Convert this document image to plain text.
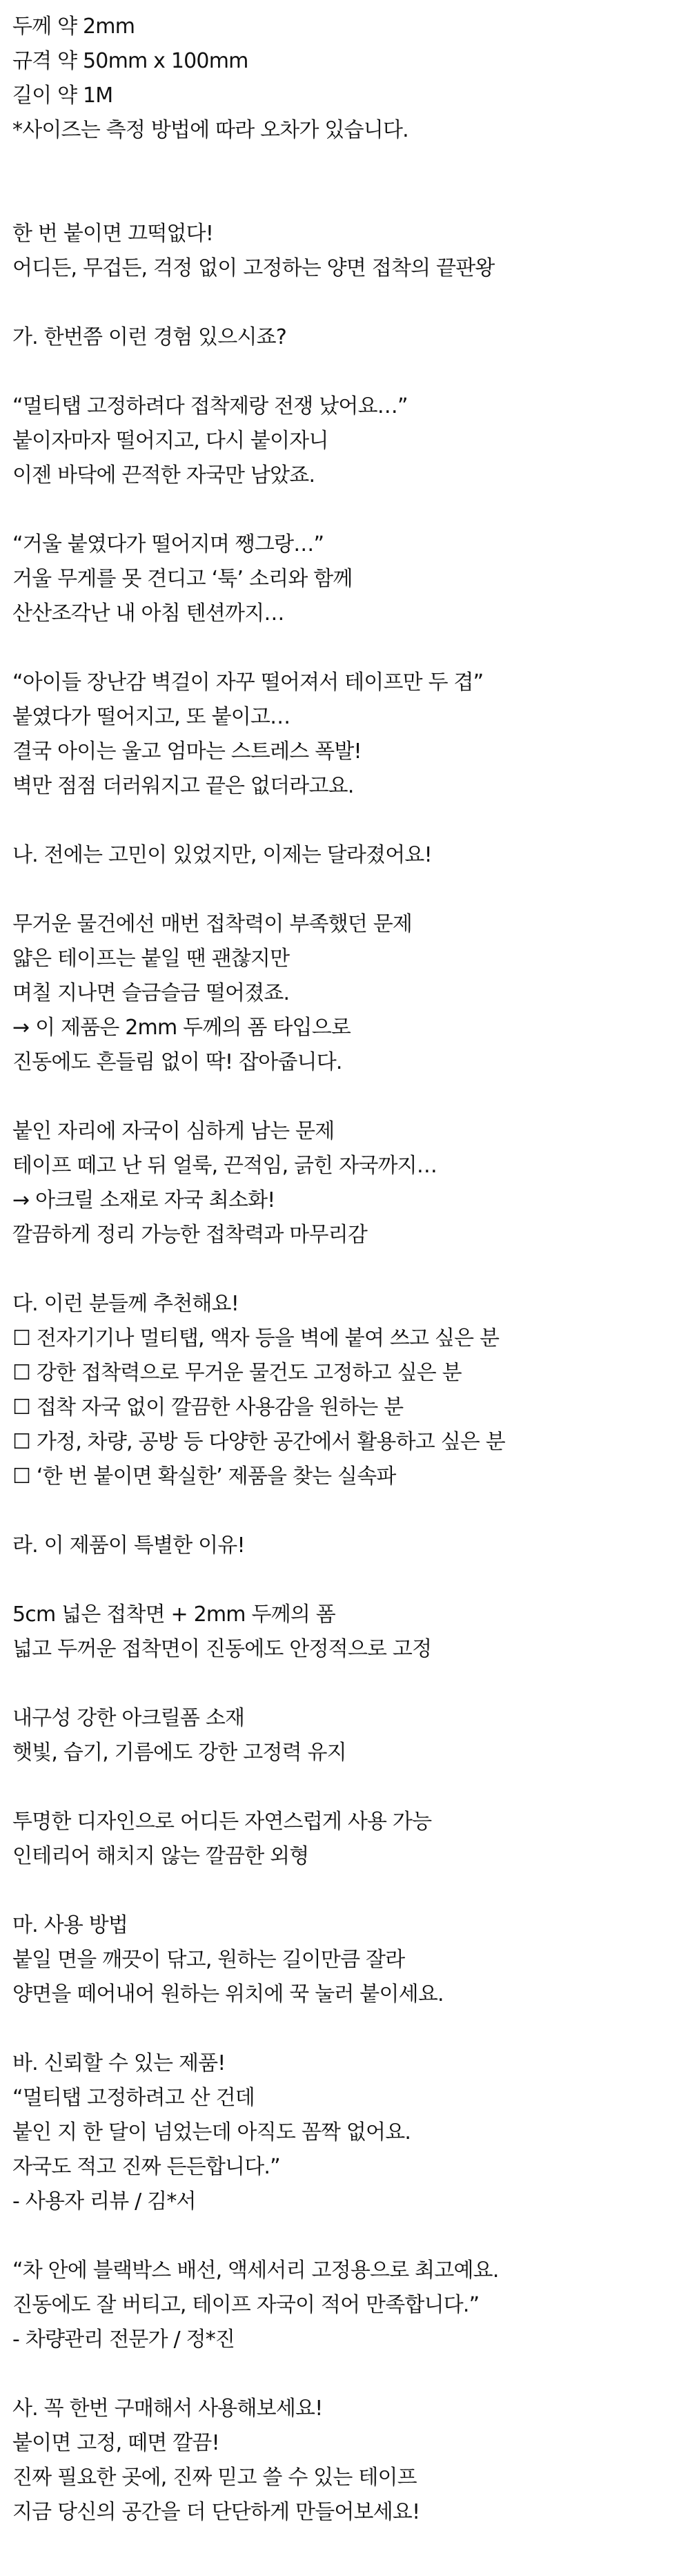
두께 약 2mm
규격 약 50mm x 100mm
길이 약 1M
*사이즈는 측정 방법에 따라 오차가 있습니다.
한 번 붙이면 끄떡없다!
어디든, 무겁든, 걱정 없이 고정하는 양면 접착의 끝판왕
가. 한번쯤 이런 경험 있으시죠?
“멀티탭 고정하려다 접착제랑 전쟁 났어요…”
붙이자마자 떨어지고, 다시 붙이자니
이젠 바닥에 끈적한 자국만 남았죠.
“거울 붙였다가 떨어지며 쨍그랑…”
거울 무게를 못 견디고 ‘툭’ 소리와 함께
산산조각난 내 아침 텐션까지…
“아이들 장난감 벽걸이 자꾸 떨어져서 테이프만 두 겹”
붙였다가 떨어지고, 또 붙이고…
결국 아이는 울고 엄마는 스트레스 폭발!
벽만 점점 더러워지고 끝은 없더라고요.
나. 전에는 고민이 있었지만, 이제는 달라졌어요!
무거운 물건에선 매번 접착력이 부족했던 문제
얇은 테이프는 붙일 땐 괜찮지만
며칠 지나면 슬금슬금 떨어졌죠.
→ 이 제품은 2mm 두께의 폼 타입으로
진동에도 흔들림 없이 딱! 잡아줍니다.
붙인 자리에 자국이 심하게 남는 문제
테이프 떼고 난 뒤 얼룩, 끈적임, 긁힌 자국까지…
→ 아크릴 소재로 자국 최소화!
깔끔하게 정리 가능한 접착력과 마무리감
다. 이런 분들께 추천해요!
☐ 전자기기나 멀티탭, 액자 등을 벽에 붙여 쓰고 싶은 분
☐ 강한 접착력으로 무거운 물건도 고정하고 싶은 분
☐ 접착 자국 없이 깔끔한 사용감을 원하는 분
☐ 가정, 차량, 공방 등 다양한 공간에서 활용하고 싶은 분
☐ ‘한 번 붙이면 확실한’ 제품을 찾는 실속파
라. 이 제품이 특별한 이유!
5cm 넓은 접착면 + 2mm 두께의 폼
넓고 두꺼운 접착면이 진동에도 안정적으로 고정
내구성 강한 아크릴폼 소재
햇빛, 습기, 기름에도 강한 고정력 유지
투명한 디자인으로 어디든 자연스럽게 사용 가능
인테리어 해치지 않는 깔끔한 외형
마. 사용 방법
붙일 면을 깨끗이 닦고, 원하는 길이만큼 잘라
양면을 떼어내어 원하는 위치에 꾹 눌러 붙이세요.
바. 신뢰할 수 있는 제품!
“멀티탭 고정하려고 산 건데
붙인 지 한 달이 넘었는데 아직도 꼼짝 없어요.
자국도 적고 진짜 든든합니다.”
- 사용자 리뷰 / 김*서
“차 안에 블랙박스 배선, 액세서리 고정용으로 최고예요.
진동에도 잘 버티고, 테이프 자국이 적어 만족합니다.”
- 차량관리 전문가 / 정*진
사. 꼭 한번 구매해서 사용해보세요!
붙이면 고정, 떼면 깔끔!
진짜 필요한 곳에, 진짜 믿고 쓸 수 있는 테이프
지금 당신의 공간을 더 단단하게 만들어보세요!
